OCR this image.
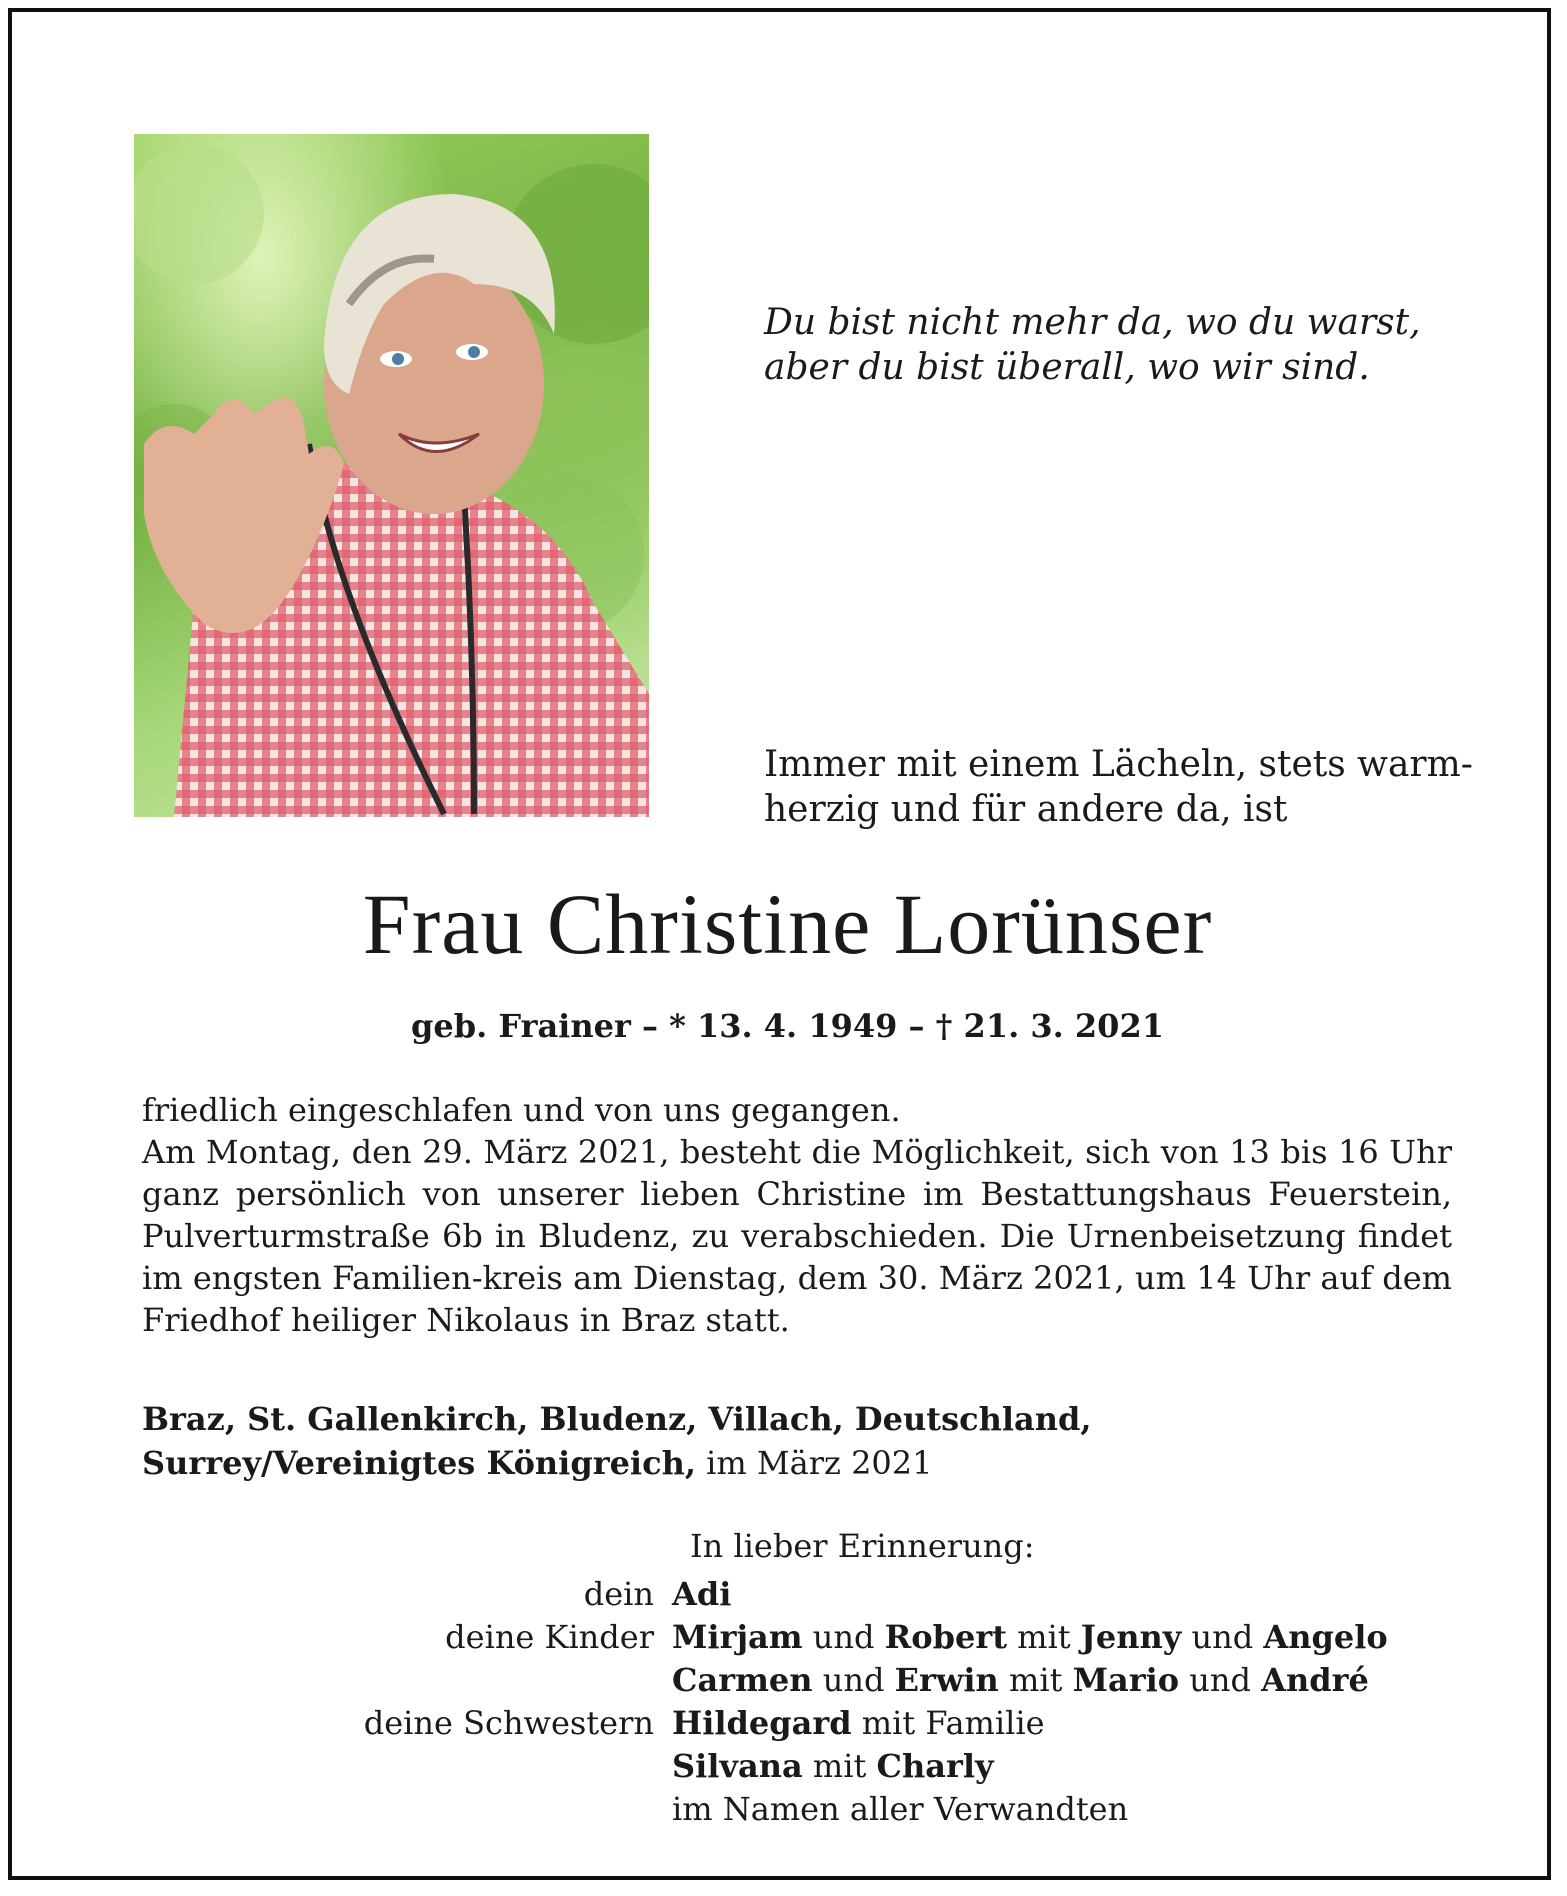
Du bist nicht mehr da, wo du warst,
aber du bist überall, wo wir sind.
Immer mit einem Lächeln, stets warm-
herzig und für andere da, ist
Frau Christine Lorünser
geb. Frainer – * 13. 4. 1949 – † 21. 3. 2021

friedlich eingeschlafen und von uns gegangen.

Am Montag, den 29. März 2021, besteht die Möglichkeit, sich von 13 bis 16 Uhr ganz persönlich von unserer lieben Christine im Bestattungshaus Feuerstein, Pulverturmstraße 6b in Bludenz, zu verabschieden. Die Urnenbeisetzung findet im engsten Familien-kreis am Dienstag, dem 30. März 2021, um 14 Uhr auf dem Friedhof heiliger Nikolaus in Braz statt.

Braz, St. Gallenkirch, Bludenz, Villach, Deutschland,
Surrey/Vereinigtes Königreich, im März 2021
In lieber Erinnerung:
dein Adi
deine Kinder Mirjam und Robert mit Jenny und Angelo
Carmen und Erwin mit Mario und André
deine Schwestern Hildegard mit Familie
Silvana mit Charly
im Namen aller Verwandten
